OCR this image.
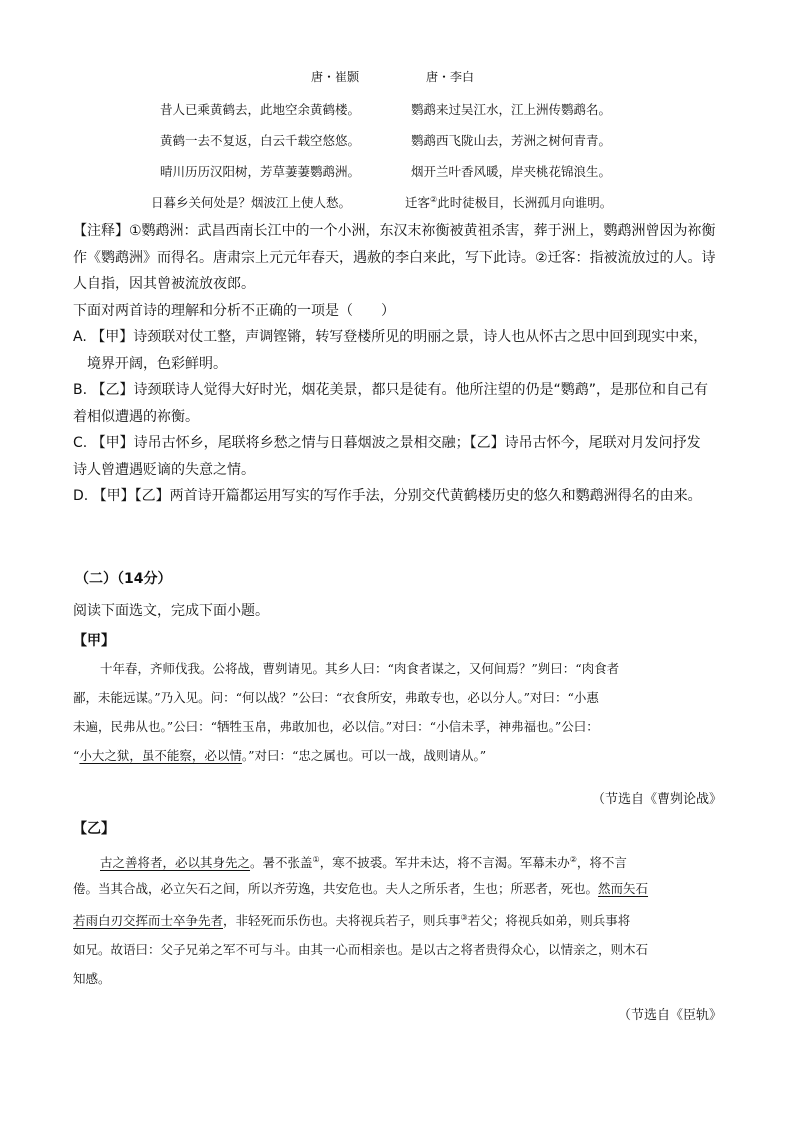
唐・崔颢	唐・李白
昔人已乘黄鹤去，此地空余黄鹤楼。	鹦鹉来过吴江水，江上洲传鹦鹉名。
黄鹤一去不复返，白云千载空悠悠。	鹦鹉西飞陇山去，芳洲之树何青青。
晴川历历汉阳树，芳草萋萋鹦鹉洲。	烟开兰叶香风暖，岸夹桃花锦浪生。
日暮乡关何处是？烟波江上使人愁。	迁客②此时徒极目，长洲孤月向谁明。

【注释】①鹦鹉洲：武昌西南长江中的一个小洲，东汉末祢衡被黄祖杀害，葬于洲上，鹦鹉洲曾因为祢衡

作《鹦鹉洲》而得名。唐肃宗上元元年春天，遇赦的李白来此，写下此诗。②迁客：指被流放过的人。诗

人自指，因其曾被流放夜郎。

下面对两首诗的理解和分析不正确的一项是（　　）

A. 【甲】诗颈联对仗工整，声调铿锵，转写登楼所见的明丽之景，诗人也从怀古之思中回到现实中来，

境界开阔，色彩鲜明。

B. 【乙】诗颈联诗人觉得大好时光，烟花美景，都只是徒有。他所注望的仍是“鹦鹉”，是那位和自己有

着相似遭遇的祢衡。

C. 【甲】诗吊古怀乡，尾联将乡愁之情与日暮烟波之景相交融；【乙】诗吊古怀今，尾联对月发问抒发

诗人曾遭遇贬谪的失意之情。

D. 【甲】【乙】两首诗开篇都运用写实的写作手法，分别交代黄鹤楼历史的悠久和鹦鹉洲得名的由来。

（二）（14分）
阅读下面选文，完成下面小题。
【甲】

十年春，齐师伐我。公将战，曹刿请见。其乡人曰：“肉食者谋之，又何间焉？”刿曰：“肉食者

鄙，未能远谋。”乃入见。问：“何以战？”公曰：“衣食所安，弗敢专也，必以分人。”对曰：“小惠

未遍，民弗从也。”公曰：“牺牲玉帛，弗敢加也，必以信。”对曰：“小信未孚，神弗福也。”公曰：

“小大之狱，虽不能察，必以情。”对曰：“忠之属也。可以一战，战则请从。”

（节选自《曹刿论战》
【乙】

古之善将者，必以其身先之。暑不张盖①，寒不披裘。军井未达，将不言渴。军幕未办②，将不言

倦。当其合战，必立矢石之间，所以齐劳逸，共安危也。夫人之所乐者，生也；所恶者，死也。然而矢石

若雨白刃交挥而士卒争先者，非轻死而乐伤也。夫将视兵若子，则兵事③若父；将视兵如弟，则兵事将

如兄。故语曰：父子兄弟之军不可与斗。由其一心而相亲也。是以古之将者贵得众心，以情亲之，则木石

知感。

（节选自《臣轨》
